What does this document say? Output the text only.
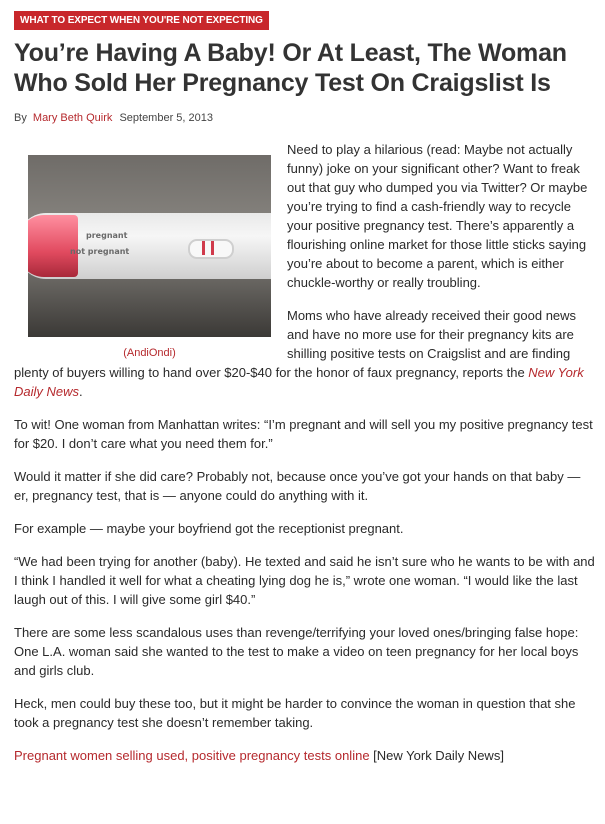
WHAT TO EXPECT WHEN YOU'RE NOT EXPECTING
You’re Having A Baby! Or At Least, The Woman Who Sold Her Pregnancy Test On Craigslist Is
By Mary Beth Quirk September 5, 2013
pregnant
not pregnant
(AndiOndi)

Need to play a hilarious (read: Maybe not actually funny) joke on your significant other? Want to freak out that guy who dumped you via Twitter? Or maybe you’re trying to find a cash-friendly way to recycle your positive pregnancy test. There’s apparently a flourishing online market for those little sticks saying you’re about to become a parent, which is either chuckle-worthy or really troubling.

Moms who have already received their good news and have no more use for their pregnancy kits are shilling positive tests on Craigslist and are finding plenty of buyers willing to hand over $20-$40 for the honor of faux pregnancy, reports the New York Daily News.

To wit! One woman from Manhattan writes: “I’m pregnant and will sell you my positive pregnancy test for $20. I don’t care what you need them for.”

Would it matter if she did care? Probably not, because once you’ve got your hands on that baby — er, pregnancy test, that is — anyone could do anything with it.

For example — maybe your boyfriend got the receptionist pregnant.

“We had been trying for another (baby). He texted and said he isn’t sure who he wants to be with and I think I handled it well for what a cheating lying dog he is,” wrote one woman. “I would like the last laugh out of this. I will give some girl $40.”

There are some less scandalous uses than revenge/terrifying your loved ones/bringing false hope: One L.A. woman said she wanted to the test to make a video on teen pregnancy for her local boys and girls club.

Heck, men could buy these too, but it might be harder to convince the woman in question that she took a pregnancy test she doesn’t remember taking.

Pregnant women selling used, positive pregnancy tests online [New York Daily News]
